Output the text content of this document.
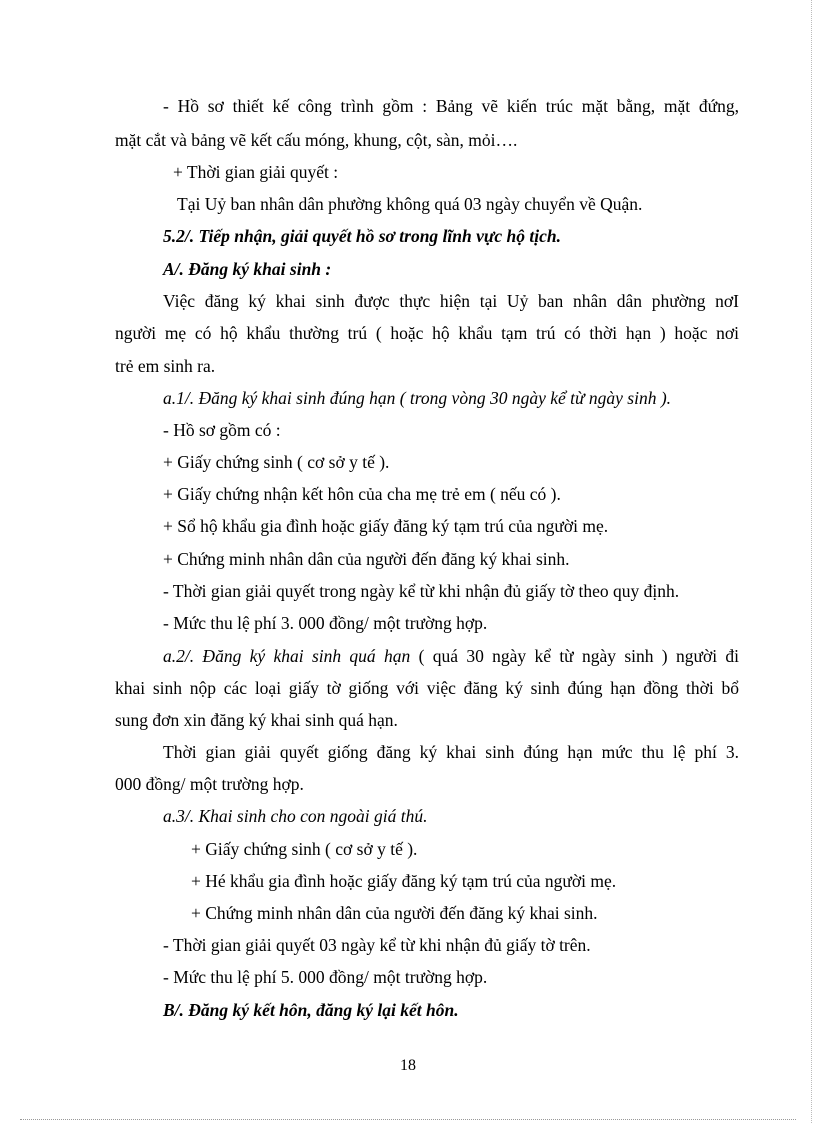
- Hồ sơ thiết kế công trình gồm : Bảng vẽ kiến trúc mặt bằng, mặt đứng,
mặt cắt và bảng vẽ kết cấu móng, khung, cột, sàn, mỏi….
+ Thời gian giải quyết :
Tại Uỷ ban nhân dân phường không quá 03 ngày chuyển về Quận.
5.2/. Tiếp nhận, giải quyết hồ sơ trong lĩnh vực hộ tịch.
A/. Đăng ký khai sinh :
Việc đăng ký khai sinh được thực hiện tại Uỷ ban nhân dân phường nơI
người mẹ có hộ khẩu thường trú ( hoặc hộ khẩu tạm trú có thời hạn ) hoặc nơi
trẻ em sinh ra.
a.1/. Đăng ký khai sinh đúng hạn ( trong vòng 30 ngày kể từ ngày sinh ).
- Hồ sơ gồm có :
+ Giấy chứng sinh ( cơ sở y tế ).
+ Giấy chứng nhận kết hôn của cha mẹ trẻ em ( nếu có ).
+ Sổ hộ khẩu gia đình hoặc giấy đăng ký tạm trú của người mẹ.
+ Chứng minh nhân dân của người đến đăng ký khai sinh.
- Thời gian giải quyết trong ngày kể từ khi nhận đủ giấy tờ theo quy định.
- Mức thu lệ phí 3. 000 đồng/ một trường hợp.
a.2/. Đăng ký khai sinh quá hạn ( quá 30 ngày kể từ ngày sinh ) người đi
khai sinh nộp các loại giấy tờ giống với việc đăng ký sinh đúng hạn đồng thời bổ
sung đơn xin đăng ký khai sinh quá hạn.
Thời gian giải quyết giống đăng ký khai sinh đúng hạn mức thu lệ phí 3.
000 đồng/ một trường hợp.
a.3/. Khai sinh cho con ngoài giá thú.
+ Giấy chứng sinh ( cơ sở y tế ).
+ Hé khẩu gia đình hoặc giấy đăng ký tạm trú của người mẹ.
+ Chứng minh nhân dân của người đến đăng ký khai sinh.
- Thời gian giải quyết 03 ngày kể từ khi nhận đủ giấy tờ trên.
- Mức thu lệ phí 5. 000 đồng/ một trường hợp.
B/. Đăng ký kết hôn, đăng ký lại kết hôn.
18
